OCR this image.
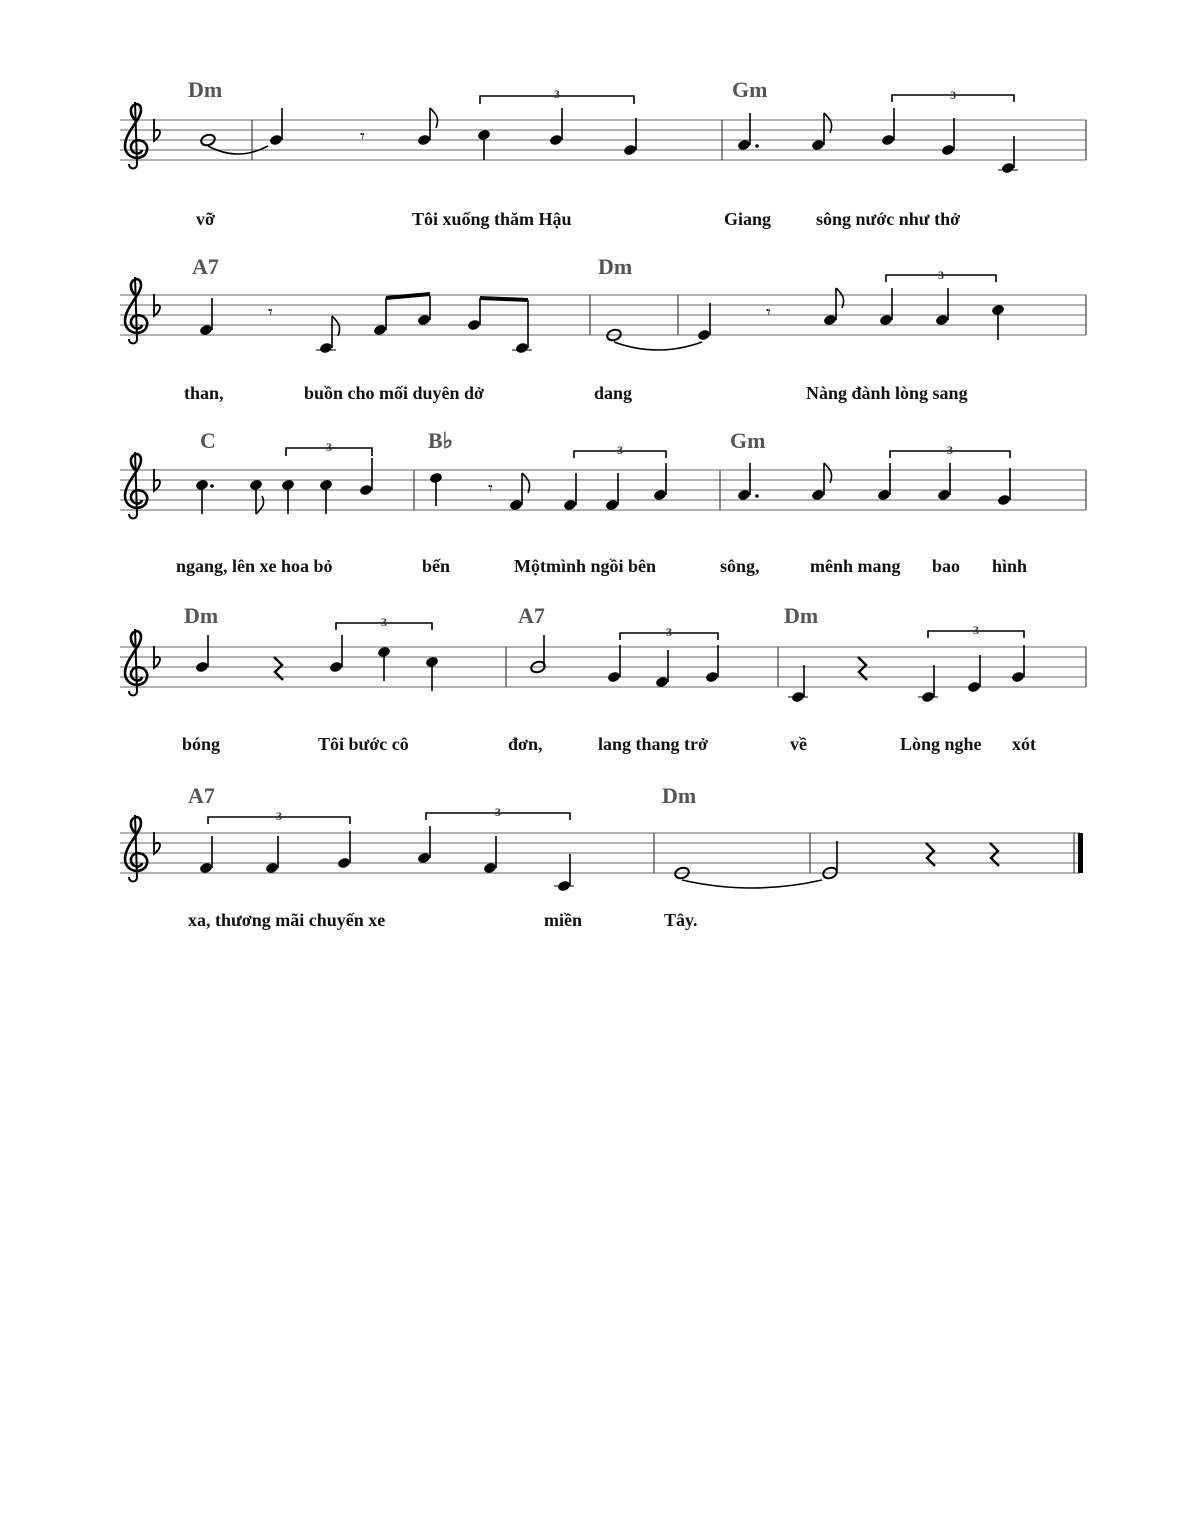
𝄾
3	3
Dm	Gm
vỡ	Tôi xuống thăm Hậu	Giang sông nước như thở
𝄾	𝄾
3
A7	Dm
than,	buồn cho mối duyên dở	dang	Nàng đành lòng sang
3
𝄾
3	3
C	B♭	Gm
ngang, lên xe hoa bỏ	bến	Mộtmình ngồi bên	sông,	mênh mang bao hình
3
3	3
Dm	A7	Dm
bóng	Tôi bước cô	đơn,	lang thang trở	về	Lòng nghe xót
3	3
A7	Dm
xa, thương mãi chuyến xe	miền	Tây.
